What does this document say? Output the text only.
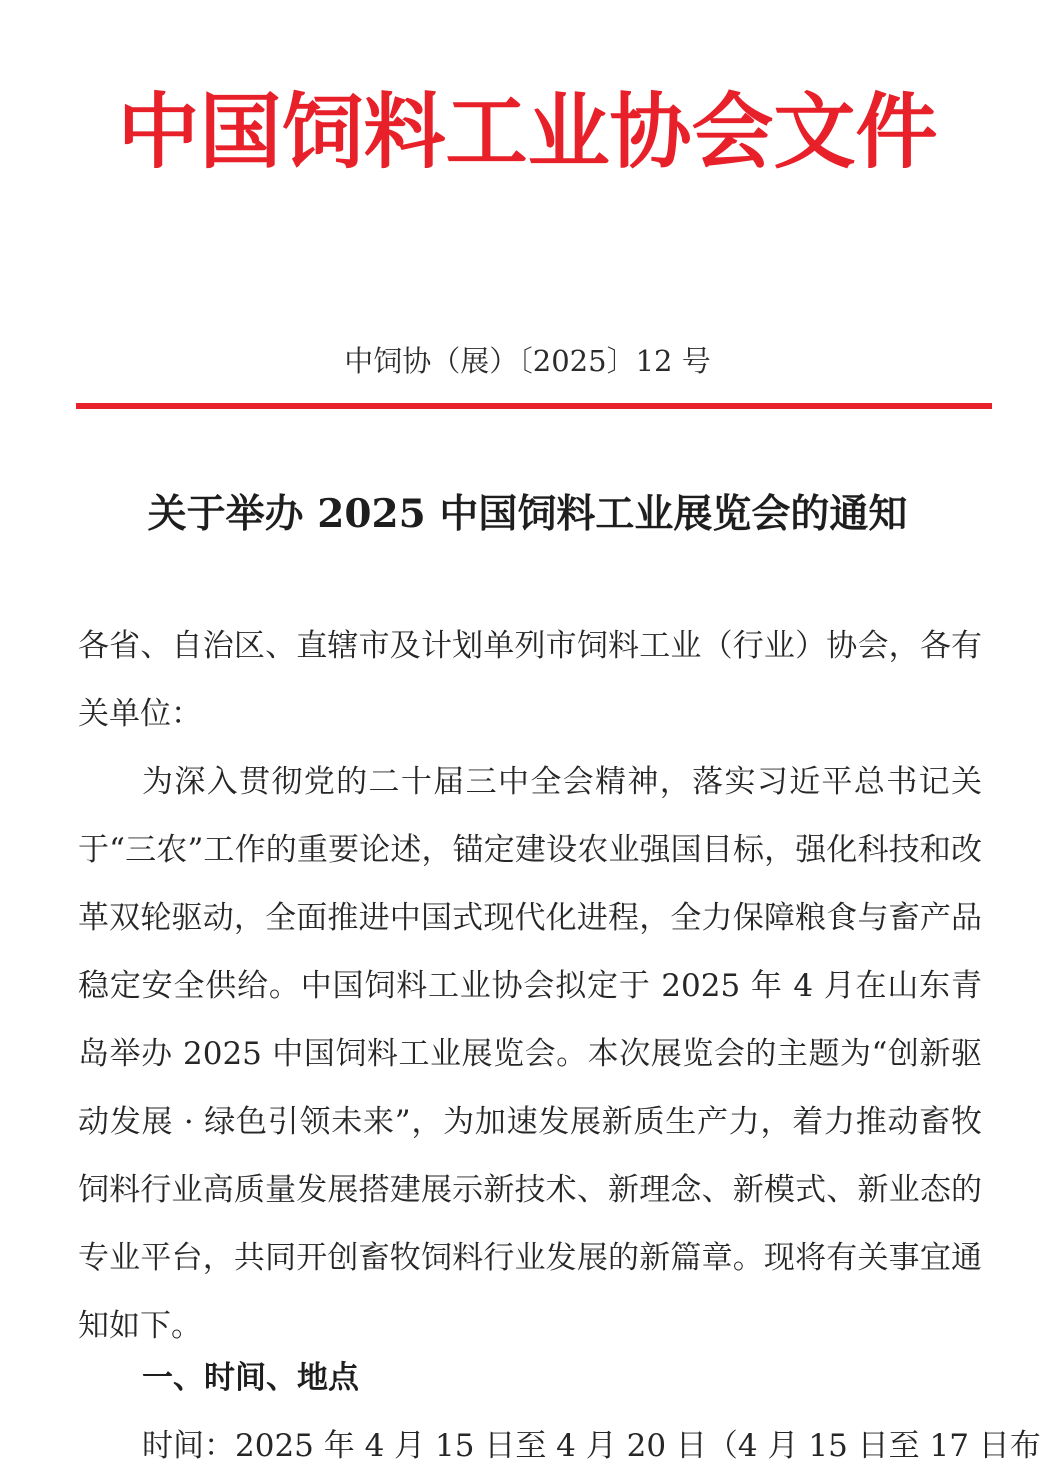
中国饲料工业协会文件
中饲协（展）〔2025〕12 号
关于举办 2025 中国饲料工业展览会的通知
各省、自治区、直辖市及计划单列市饲料工业（行业）协会，各有关单位：
为深入贯彻党的二十届三中全会精神，落实习近平总书记关于“三农”工作的重要论述，锚定建设农业强国目标，强化科技和改革双轮驱动，全面推进中国式现代化进程，全力保障粮食与畜产品稳定安全供给。中国饲料工业协会拟定于 2025 年 4 月在山东青岛举办 2025 中国饲料工业展览会。本次展览会的主题为“创新驱动发展 · 绿色引领未来”，为加速发展新质生产力，着力推动畜牧饲料行业高质量发展搭建展示新技术、新理念、新模式、新业态的专业平台，共同开创畜牧饲料行业发展的新篇章。现将有关事宜通知如下。
一、时间、地点
时间：2025 年 4 月 15 日至 4 月 20 日（4 月 15 日至 17 日布
